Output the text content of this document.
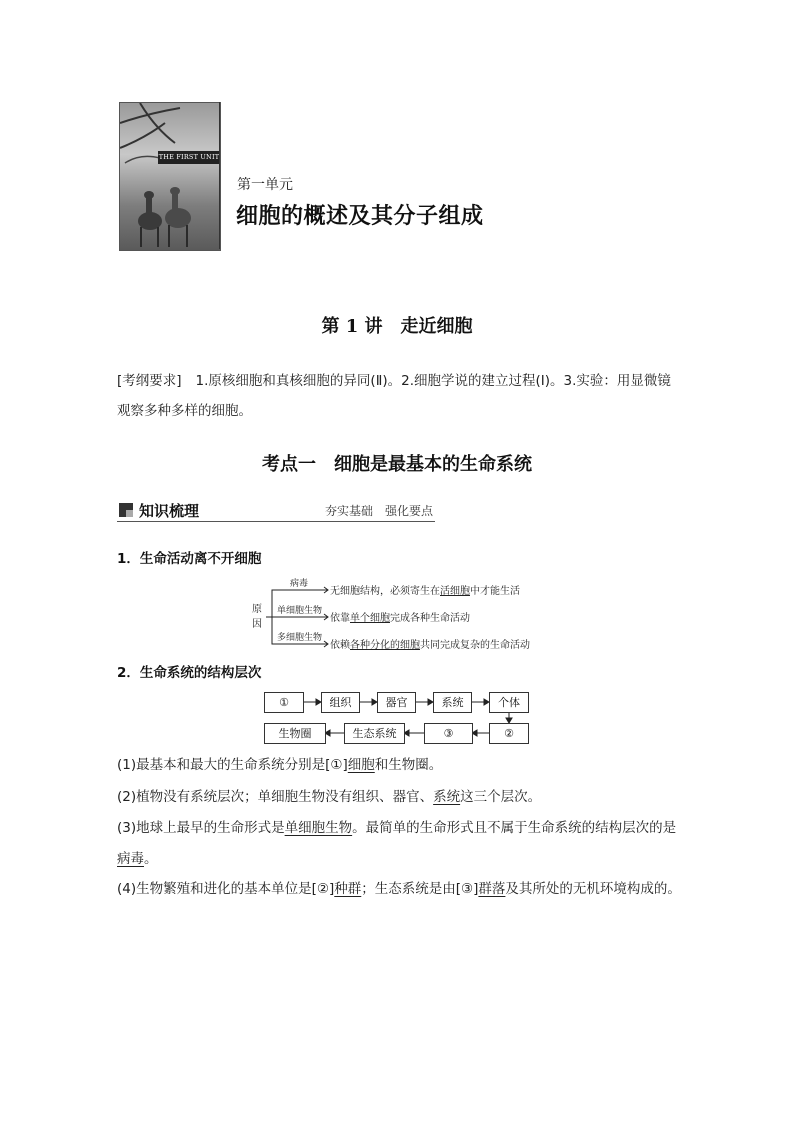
THE FIRST UNIT
第一单元
细胞的概述及其分子组成
第 1 讲　走近细胞
[考纲要求] 1.原核细胞和真核细胞的异同(Ⅱ)。2.细胞学说的建立过程(Ⅰ)。3.实验：用显微镜观察多种多样的细胞。
考点一　细胞是最基本的生命系统
知识梳理	夯实基础　强化要点
1．生命活动离不开细胞
原
因
病毒
单细胞生物
多细胞生物
无细胞结构，必须寄生在活细胞中才能生活
依靠单个细胞完成各种生命活动
依赖各种分化的细胞共同完成复杂的生命活动
2．生命系统的结构层次
①	组织	器官	系统	个体
生物圈	生态系统	③	②
(1)最基本和最大的生命系统分别是[①]细胞和生物圈。
(2)植物没有系统层次；单细胞生物没有组织、器官、系统这三个层次。
(3)地球上最早的生命形式是单细胞生物。最简单的生命形式且不属于生命系统的结构层次的是病毒。
(4)生物繁殖和进化的基本单位是[②]种群；生态系统是由[③]群落及其所处的无机环境构成的。
